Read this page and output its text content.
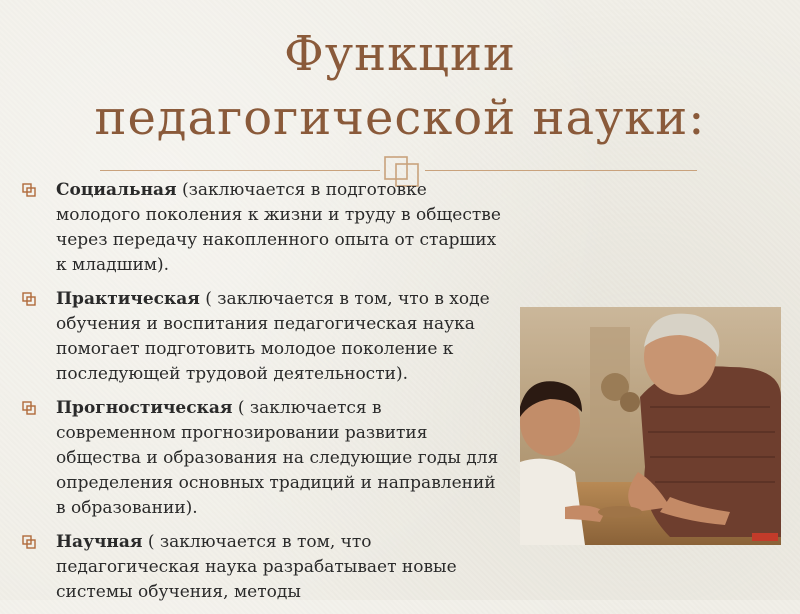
Функции
педагогической науки:
Социальная (заключается в подготовке молодого поколения к жизни и труду в обществе через передачу накопленного опыта от старших к младшим).
Практическая ( заключается в том, что в ходе обучения и воспитания педагогическая наука помогает подготовить молодое поколение к последующей трудовой деятельности).
Прогностическая ( заключается в современном прогнозировании развития общества и образования на следующие годы для определения основных традиций и направлений в образовании).
Научная ( заключается в том, что педагогическая наука разрабатывает новые системы обучения, методы
